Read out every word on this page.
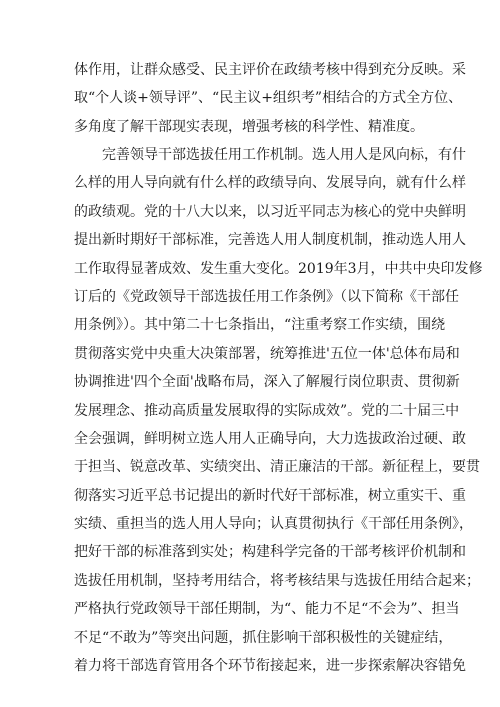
体作用，让群众感受、民主评价在政绩考核中得到充分反映。采
取“个人谈+领导评”、“民主议+组织考”相结合的方式全方位、
多角度了解干部现实表现，增强考核的科学性、精准度。
完善领导干部选拔任用工作机制。选人用人是风向标，有什
么样的用人导向就有什么样的政绩导向、发展导向，就有什么样
的政绩观。党的十八大以来，以习近平同志为核心的党中央鲜明
提出新时期好干部标准，完善选人用人制度机制，推动选人用人
工作取得显著成效、发生重大变化。2019年3月，中共中央印发修
订后的《党政领导干部选拔任用工作条例》（以下简称《干部任
用条例》）。其中第二十七条指出，“注重考察工作实绩，围绕
贯彻落实党中央重大决策部署，统筹推进'五位一体'总体布局和
协调推进'四个全面'战略布局，深入了解履行岗位职责、贯彻新
发展理念、推动高质量发展取得的实际成效”。党的二十届三中
全会强调，鲜明树立选人用人正确导向，大力选拔政治过硬、敢
于担当、锐意改革、实绩突出、清正廉洁的干部。新征程上，要贯
彻落实习近平总书记提出的新时代好干部标准，树立重实干、重
实绩、重担当的选人用人导向；认真贯彻执行《干部任用条例》，
把好干部的标准落到实处；构建科学完备的干部考核评价机制和
选拔任用机制，坚持考用结合，将考核结果与选拔任用结合起来；
严格执行党政领导干部任期制，为“、能力不足“不会为”、担当
不足“不敢为”等突出问题，抓住影响干部积极性的关键症结，
着力将干部选育管用各个环节衔接起来，进一步探索解决容错免
